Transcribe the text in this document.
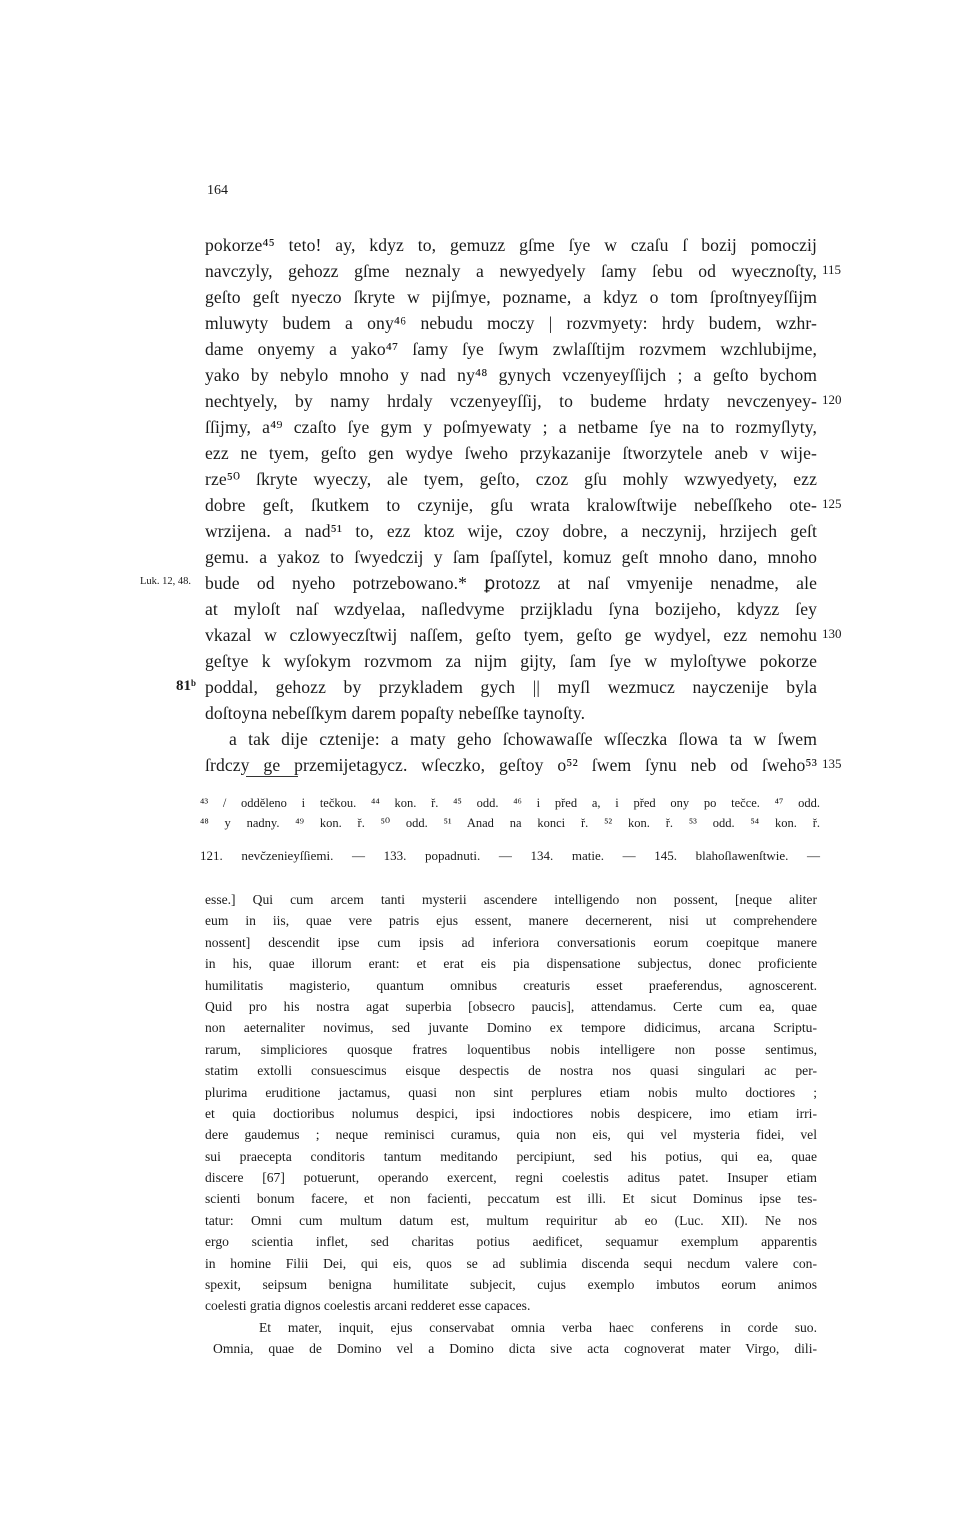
164
pokorze⁴⁵ teto! ay, kdyz to, gemuzz gſme ſye w czaſu ſ bozij pomoczij
navczyly, gehozz gſme neznaly a newyedyely ſamy ſebu od wyecznoſty,
geſto geſt nyeczo ſkryte w pijſmye, pozname, a kdyz o tom ſproſtnyeyſſijm
mluwyty budem a ony⁴⁶ nebudu moczy | rozvmyety: hrdy budem, wzhr-
dame onyemy a yako⁴⁷ ſamy ſye ſwym zwlaſſtijm rozvmem wzchlubijme,
yako by nebylo mnoho y nad ny⁴⁸ gynych vczenyeyſſijch ; a geſto bychom
nechtyely, by namy hrdaly vczenyeyſſij, to budeme hrdaty nevczenyey-
ſſijmy, a⁴⁹ czaſto ſye gym y poſmyewaty ; a netbame ſye na to rozmyſlyty,
ezz ne tyem, geſto gen wydye ſweho przykazanije ſtworzytele aneb v wije-
rze⁵⁰ ſkryte wyeczy, ale tyem, geſto, czoz gſu mohly wzwyedyety, ezz
dobre geſt, ſkutkem to czynije, gſu wrata kralowſtwije nebeſſkeho ote-
wrzijena. a nad⁵¹ to, ezz ktoz wije, czoy dobre, a neczynij, hrzijech geſt
gemu. a yakoz to ſwyedczij y ſam ſpaſſytel, komuz geſt mnoho dano, mnoho
bude od nyeho potrzebowano.* ꝑrotozz at naſ vmyenije nenadme, ale
at myloſt naſ wzdyelaa, naſledvyme przijkladu ſyna bozijeho, kdyzz ſey
vkazal w czlowyeczſtwij naſſem, geſto tyem, geſto ge wydyel, ezz nemohu
geſtye k wyſokym rozvmom za nijm gijty, ſam ſye w myloſtywe pokorze
poddal, gehozz by przykladem gych || myſl wezmucz nayczenije byla
doſtoyna nebeſſkym darem popaſty nebeſſke taynoſty.
a tak dije cztenije: a maty geho ſchowawaſſe wſſeczka ſlowa ta w ſwem
ſrdczy ge przemijetagycz. wſeczko, geſtoy o⁵² ſwem ſynu neb od ſweho⁵³
115
120
125
130
135
Luk. 12, 48.
81ᵇ
⁴³ / odděleno i tečkou. ⁴⁴ kon. ř. ⁴⁵ odd. ⁴⁶ i před a, i před ony po tečce. ⁴⁷ odd.
⁴⁸ y nadny. ⁴⁹ kon. ř. ⁵⁰ odd. ⁵¹ Anad na konci ř. ⁵² kon. ř. ⁵³ odd. ⁵⁴ kon. ř.
121. nevc̆zenieyſſiemi. — 133. popadnuti. — 134. matie. — 145. blahoſlawenſtwie. —
esse.] Qui cum arcem tanti mysterii ascendere intelligendo non possent, [neque aliter
eum in iis, quae vere patris ejus essent, manere decernerent, nisi ut comprehendere
nossent] descendit ipse cum ipsis ad inferiora conversationis eorum coepitque manere
in his, quae illorum erant: et erat eis pia dispensatione subjectus, donec proficiente
humilitatis magisterio, quantum omnibus creaturis esset praeferendus, agnoscerent.
Quid pro his nostra agat superbia [obsecro paucis], attendamus. Certe cum ea, quae
non aeternaliter novimus, sed juvante Domino ex tempore didicimus, arcana Scriptu-
rarum, simpliciores quosque fratres loquentibus nobis intelligere non posse sentimus,
statim extolli consuescimus eisque despectis de nostra nos quasi singulari ac per-
plurima eruditione jactamus, quasi non sint perplures etiam nobis multo doctiores ;
et quia doctioribus nolumus despici, ipsi indoctiores nobis despicere, imo etiam irri-
dere gaudemus ; neque reminisci curamus, quia non eis, qui vel mysteria fidei, vel
sui praecepta conditoris tantum meditando percipiunt, sed his potius, qui ea, quae
discere [67] potuerunt, operando exercent, regni coelestis aditus patet. Insuper etiam
scienti bonum facere, et non facienti, peccatum est illi. Et sicut Dominus ipse tes-
tatur: Omni cum multum datum est, multum requiritur ab eo (Luc. XII). Ne nos
ergo scientia inflet, sed charitas potius aedificet, sequamur exemplum apparentis
in homine Filii Dei, qui eis, quos se ad sublimia discenda sequi necdum valere con-
spexit, seipsum benigna humilitate subjecit, cujus exemplo imbutos eorum animos
coelesti gratia dignos coelestis arcani redderet esse capaces.
Et mater, inquit, ejus conservabat omnia verba haec conferens in corde suo.
Omnia, quae de Domino vel a Domino dicta sive acta cognoverat mater Virgo, dili-
